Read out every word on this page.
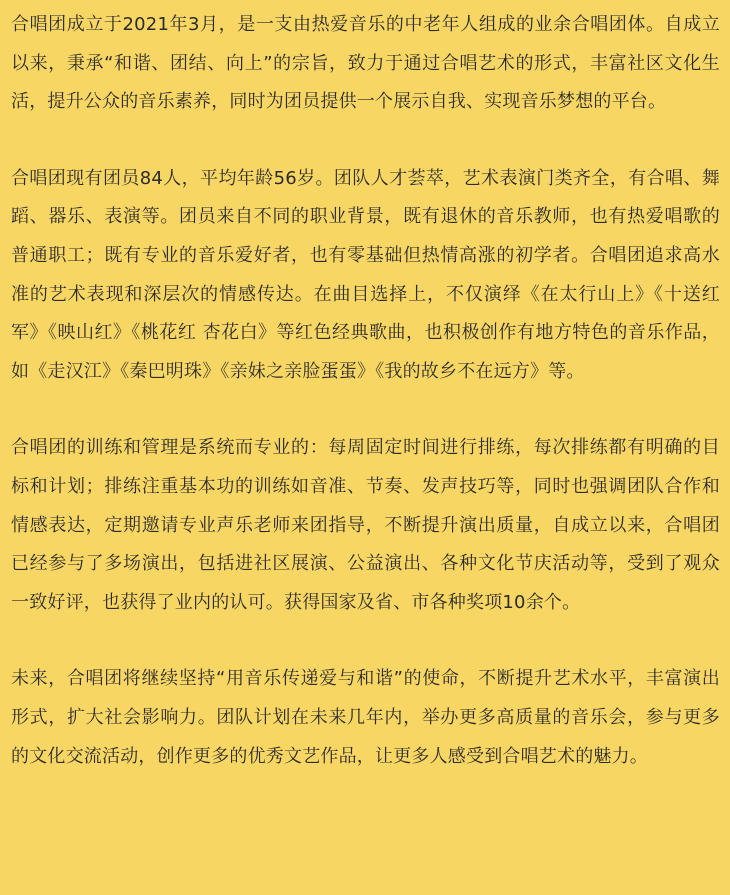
合唱团成立于2021年3月，是一支由热爱音乐的中老年人组成的业余合唱团体。自成立以来，秉承“和谐、团结、向上”的宗旨，致力于通过合唱艺术的形式，丰富社区文化生活，提升公众的音乐素养，同时为团员提供一个展示自我、实现音乐梦想的平台。

合唱团现有团员84人，平均年龄56岁。团队人才荟萃，艺术表演门类齐全，有合唱、舞蹈、器乐、表演等。团员来自不同的职业背景，既有退休的音乐教师，也有热爱唱歌的普通职工；既有专业的音乐爱好者，也有零基础但热情高涨的初学者。合唱团追求高水准的艺术表现和深层次的情感传达。在曲目选择上，不仅演绎《在太行山上》《十送红军》《映山红》《桃花红 杏花白》等红色经典歌曲，也积极创作有地方特色的音乐作品，如《走汉江》《秦巴明珠》《亲妹之亲脸蛋蛋》《我的故乡不在远方》等。

合唱团的训练和管理是系统而专业的：每周固定时间进行排练，每次排练都有明确的目标和计划；排练注重基本功的训练如音准、节奏、发声技巧等，同时也强调团队合作和情感表达，定期邀请专业声乐老师来团指导，不断提升演出质量，自成立以来，合唱团已经参与了多场演出，包括进社区展演、公益演出、各种文化节庆活动等，受到了观众一致好评，也获得了业内的认可。获得国家及省、市各种奖项10余个。

未来，合唱团将继续坚持“用音乐传递爱与和谐”的使命，不断提升艺术水平，丰富演出形式，扩大社会影响力。团队计划在未来几年内，举办更多高质量的音乐会，参与更多的文化交流活动，创作更多的优秀文艺作品，让更多人感受到合唱艺术的魅力。
